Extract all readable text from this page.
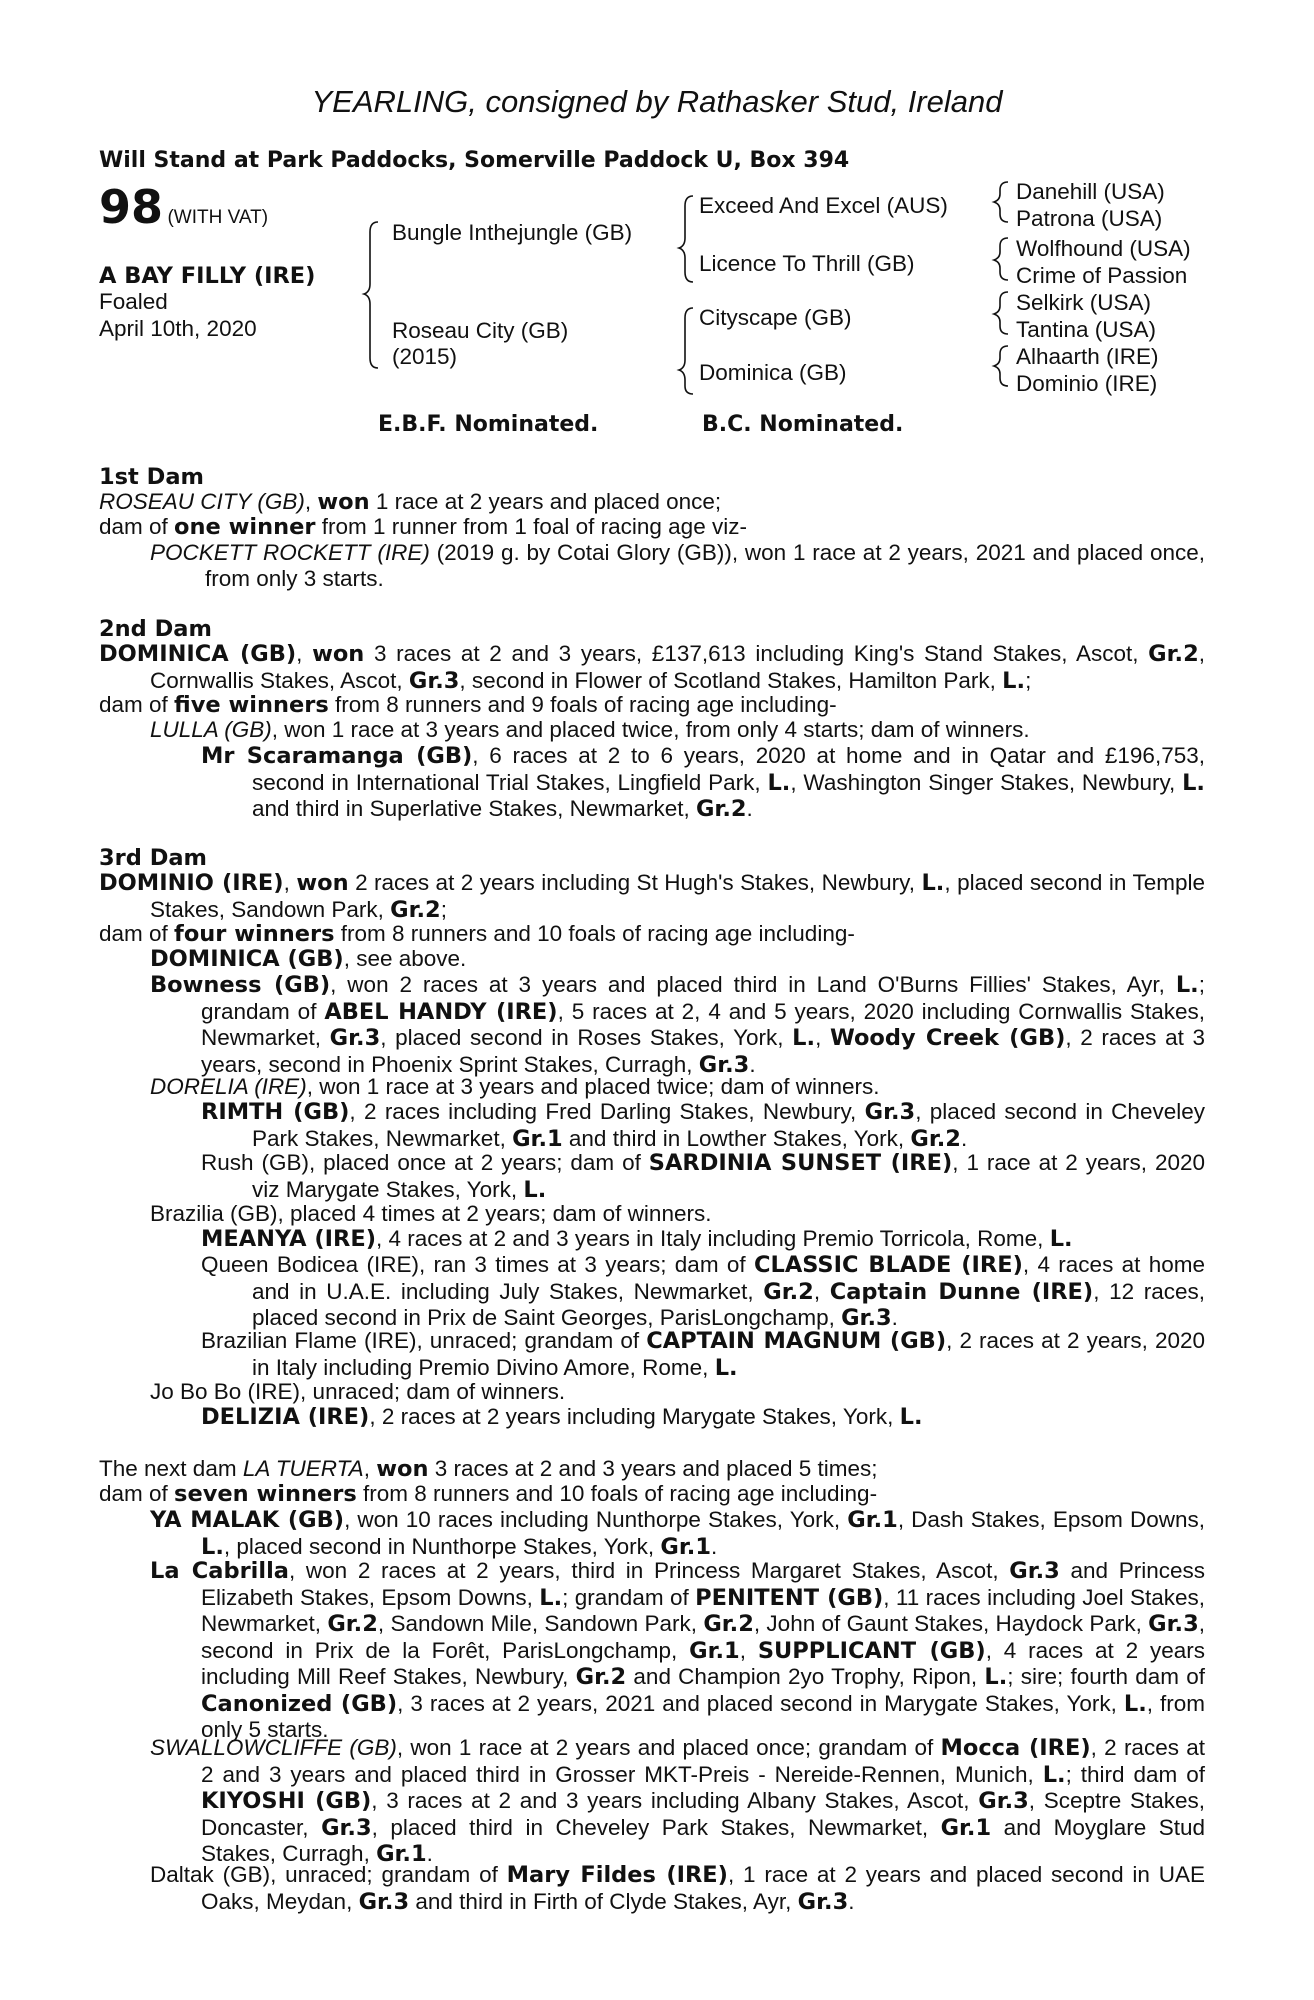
YEARLING, consigned by Rathasker Stud, Ireland
Will Stand at Park Paddocks, Somerville Paddock U, Box 394
98 (WITH VAT)
A BAY FILLY (IRE)
Foaled
April 10th, 2020
Bungle Inthejungle (GB)
Roseau City (GB)
(2015)
Exceed And Excel (AUS)
Licence To Thrill (GB)
Cityscape (GB)
Dominica (GB)
Danehill (USA)
Patrona (USA)
Wolfhound (USA)
Crime of Passion
Selkirk (USA)
Tantina (USA)
Alhaarth (IRE)
Dominio (IRE)
E.B.F. Nominated.	B.C. Nominated.
1st Dam
ROSEAU CITY (GB), won 1 race at 2 years and placed once;
dam of one winner from 1 runner from 1 foal of racing age viz-
POCKETT ROCKETT (IRE) (2019 g. by Cotai Glory (GB)), won 1 race at 2 years, 2021 and placed once, from only 3 starts.
2nd Dam
DOMINICA (GB), won 3 races at 2 and 3 years, £137,613 including King's Stand Stakes, Ascot, Gr.2, Cornwallis Stakes, Ascot, Gr.3, second in Flower of Scotland Stakes, Hamilton Park, L.;
dam of five winners from 8 runners and 9 foals of racing age including-
LULLA (GB), won 1 race at 3 years and placed twice, from only 4 starts; dam of winners.
Mr Scaramanga (GB), 6 races at 2 to 6 years, 2020 at home and in Qatar and £196,753, second in International Trial Stakes, Lingfield Park, L., Washington Singer Stakes, Newbury, L. and third in Superlative Stakes, Newmarket, Gr.2.
3rd Dam
DOMINIO (IRE), won 2 races at 2 years including St Hugh's Stakes, Newbury, L., placed second in Temple Stakes, Sandown Park, Gr.2;
dam of four winners from 8 runners and 10 foals of racing age including-
DOMINICA (GB), see above.
Bowness (GB), won 2 races at 3 years and placed third in Land O'Burns Fillies' Stakes, Ayr, L.; grandam of ABEL HANDY (IRE), 5 races at 2, 4 and 5 years, 2020 including Cornwallis Stakes, Newmarket, Gr.3, placed second in Roses Stakes, York, L., Woody Creek (GB), 2 races at 3 years, second in Phoenix Sprint Stakes, Curragh, Gr.3.
DORELIA (IRE), won 1 race at 3 years and placed twice; dam of winners.
RIMTH (GB), 2 races including Fred Darling Stakes, Newbury, Gr.3, placed second in Cheveley Park Stakes, Newmarket, Gr.1 and third in Lowther Stakes, York, Gr.2.
Rush (GB), placed once at 2 years; dam of SARDINIA SUNSET (IRE), 1 race at 2 years, 2020 viz Marygate Stakes, York, L.
Brazilia (GB), placed 4 times at 2 years; dam of winners.
MEANYA (IRE), 4 races at 2 and 3 years in Italy including Premio Torricola, Rome, L.
Queen Bodicea (IRE), ran 3 times at 3 years; dam of CLASSIC BLADE (IRE), 4 races at home and in U.A.E. including July Stakes, Newmarket, Gr.2, Captain Dunne (IRE), 12 races, placed second in Prix de Saint Georges, ParisLongchamp, Gr.3.
Brazilian Flame (IRE), unraced; grandam of CAPTAIN MAGNUM (GB), 2 races at 2 years, 2020 in Italy including Premio Divino Amore, Rome, L.
Jo Bo Bo (IRE), unraced; dam of winners.
DELIZIA (IRE), 2 races at 2 years including Marygate Stakes, York, L.
The next dam LA TUERTA, won 3 races at 2 and 3 years and placed 5 times;
dam of seven winners from 8 runners and 10 foals of racing age including-
YA MALAK (GB), won 10 races including Nunthorpe Stakes, York, Gr.1, Dash Stakes, Epsom Downs, L., placed second in Nunthorpe Stakes, York, Gr.1.
La Cabrilla, won 2 races at 2 years, third in Princess Margaret Stakes, Ascot, Gr.3 and Princess Elizabeth Stakes, Epsom Downs, L.; grandam of PENITENT (GB), 11 races including Joel Stakes, Newmarket, Gr.2, Sandown Mile, Sandown Park, Gr.2, John of Gaunt Stakes, Haydock Park, Gr.3, second in Prix de la Forêt, ParisLongchamp, Gr.1, SUPPLICANT (GB), 4 races at 2 years including Mill Reef Stakes, Newbury, Gr.2 and Champion 2yo Trophy, Ripon, L.; sire; fourth dam of Canonized (GB), 3 races at 2 years, 2021 and placed second in Marygate Stakes, York, L., from only 5 starts.
SWALLOWCLIFFE (GB), won 1 race at 2 years and placed once; grandam of Mocca (IRE), 2 races at 2 and 3 years and placed third in Grosser MKT-Preis - Nereide-Rennen, Munich, L.; third dam of KIYOSHI (GB), 3 races at 2 and 3 years including Albany Stakes, Ascot, Gr.3, Sceptre Stakes, Doncaster, Gr.3, placed third in Cheveley Park Stakes, Newmarket, Gr.1 and Moyglare Stud Stakes, Curragh, Gr.1.
Daltak (GB), unraced; grandam of Mary Fildes (IRE), 1 race at 2 years and placed second in UAE Oaks, Meydan, Gr.3 and third in Firth of Clyde Stakes, Ayr, Gr.3.
